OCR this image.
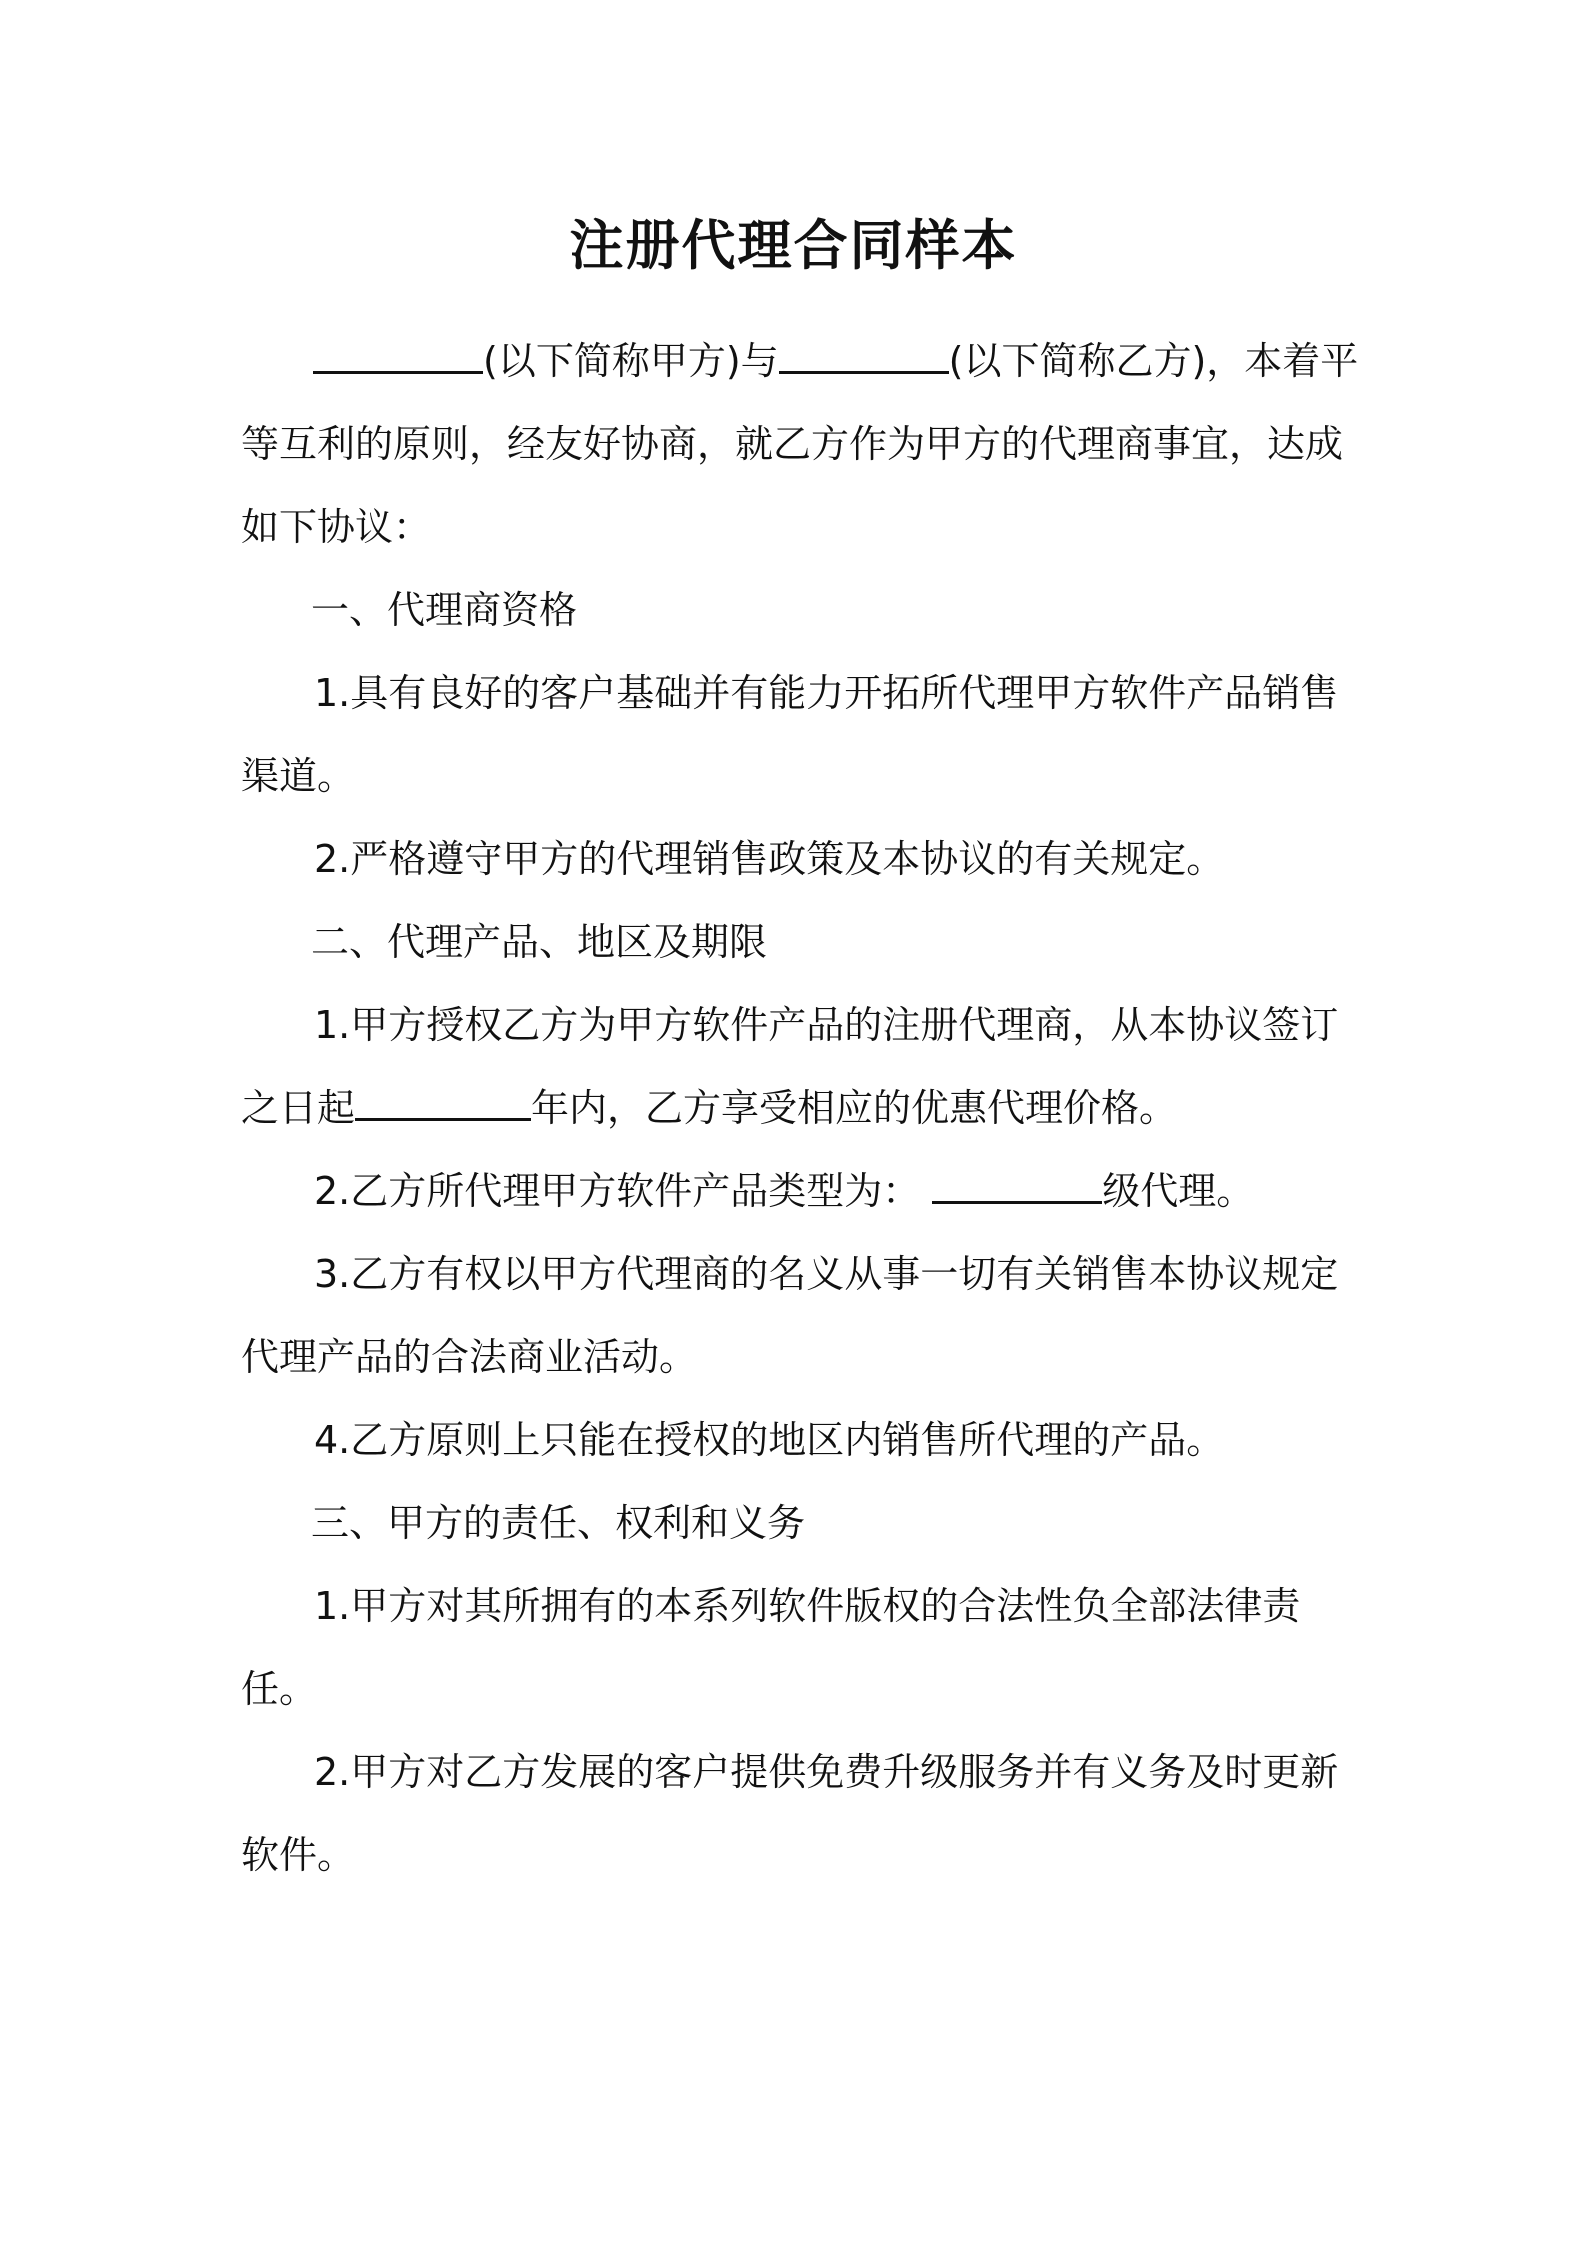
注册代理合同样本
(以下简称甲方)与	(以下简称乙方)，本着平
等互利的原则，经友好协商，就乙方作为甲方的代理商事宜，达成
如下协议：
一、代理商资格
1.具有良好的客户基础并有能力开拓所代理甲方软件产品销售
渠道。
2.严格遵守甲方的代理销售政策及本协议的有关规定。
二、代理产品、地区及期限
1.甲方授权乙方为甲方软件产品的注册代理商，从本协议签订
之日起	年内，乙方享受相应的优惠代理价格。
2.乙方所代理甲方软件产品类型为：	级代理。
3.乙方有权以甲方代理商的名义从事一切有关销售本协议规定
代理产品的合法商业活动。
4.乙方原则上只能在授权的地区内销售所代理的产品。
三、甲方的责任、权利和义务
1.甲方对其所拥有的本系列软件版权的合法性负全部法律责
任。
2.甲方对乙方发展的客户提供免费升级服务并有义务及时更新
软件。
